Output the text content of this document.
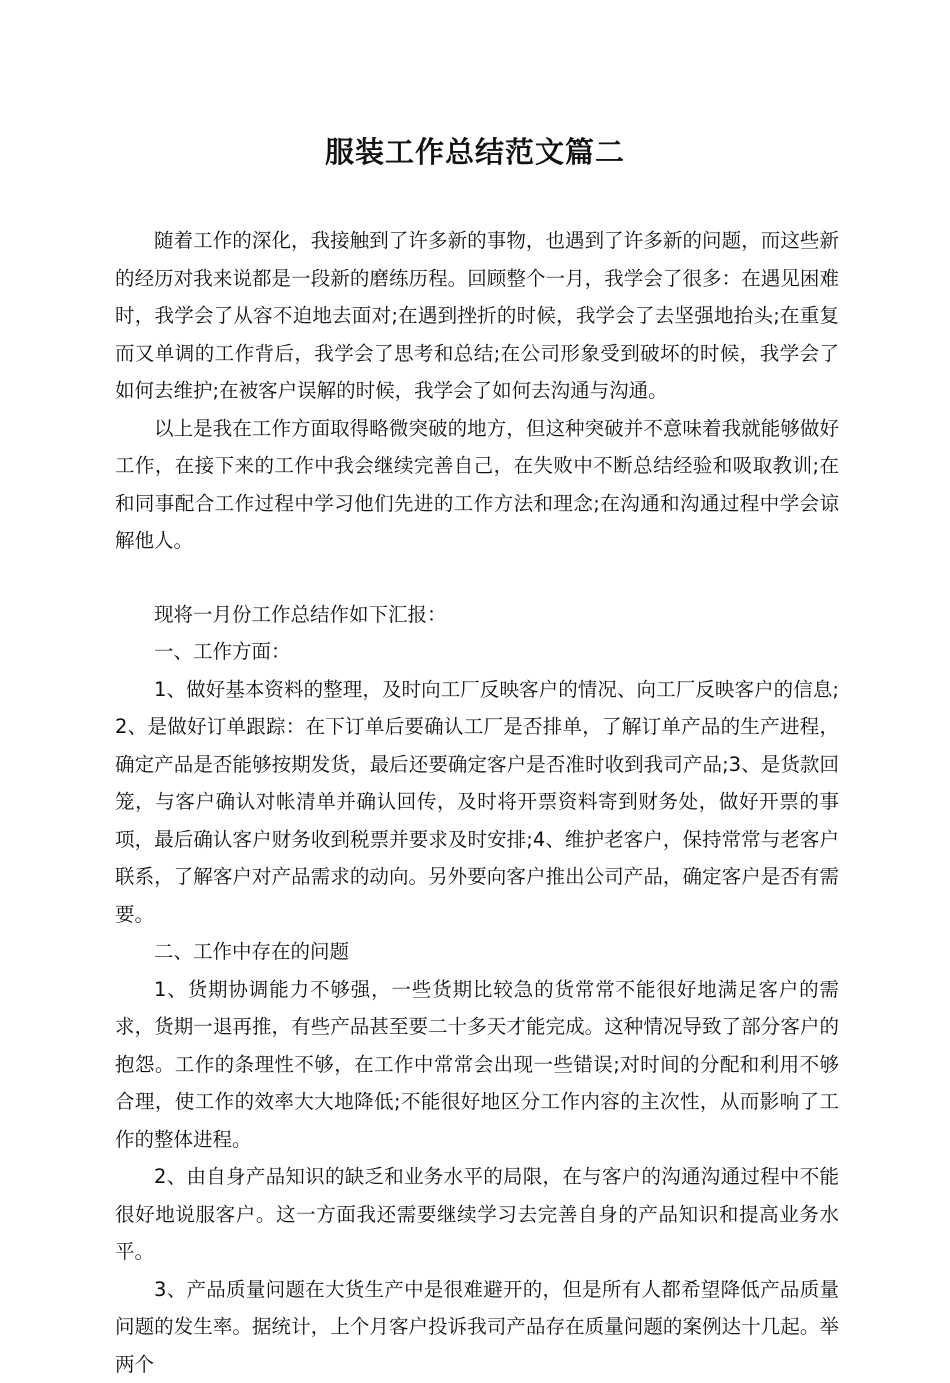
服装工作总结范文篇二

随着工作的深化，我接触到了许多新的事物，也遇到了许多新的问题，而这些新的经历对我来说都是一段新的磨练历程。回顾整个一月，我学会了很多：在遇见困难时，我学会了从容不迫地去面对;在遇到挫折的时候，我学会了去坚强地抬头;在重复而又单调的工作背后，我学会了思考和总结;在公司形象受到破坏的时候，我学会了如何去维护;在被客户误解的时候，我学会了如何去沟通与沟通。

以上是我在工作方面取得略微突破的地方，但这种突破并不意味着我就能够做好工作，在接下来的工作中我会继续完善自己，在失败中不断总结经验和吸取教训;在和同事配合工作过程中学习他们先进的工作方法和理念;在沟通和沟通过程中学会谅解他人。

现将一月份工作总结作如下汇报：

一、工作方面：

1、做好基本资料的整理，及时向工厂反映客户的情况、向工厂反映客户的信息;2、是做好订单跟踪：在下订单后要确认工厂是否排单，了解订单产品的生产进程，确定产品是否能够按期发货，最后还要确定客户是否准时收到我司产品;3、是货款回笼，与客户确认对帐清单并确认回传，及时将开票资料寄到财务处，做好开票的事项，最后确认客户财务收到税票并要求及时安排;4、维护老客户，保持常常与老客户联系，了解客户对产品需求的动向。另外要向客户推出公司产品，确定客户是否有需要。

二、工作中存在的问题

1、货期协调能力不够强，一些货期比较急的货常常不能很好地满足客户的需求，货期一退再推，有些产品甚至要二十多天才能完成。这种情况导致了部分客户的抱怨。工作的条理性不够，在工作中常常会出现一些错误;对时间的分配和利用不够合理，使工作的效率大大地降低;不能很好地区分工作内容的主次性，从而影响了工作的整体进程。

2、由自身产品知识的缺乏和业务水平的局限，在与客户的沟通沟通过程中不能很好地说服客户。这一方面我还需要继续学习去完善自身的产品知识和提高业务水平。

3、产品质量问题在大货生产中是很难避开的，但是所有人都希望降低产品质量问题的发生率。据统计，上个月客户投诉我司产品存在质量问题的案例达十几起。举两个
